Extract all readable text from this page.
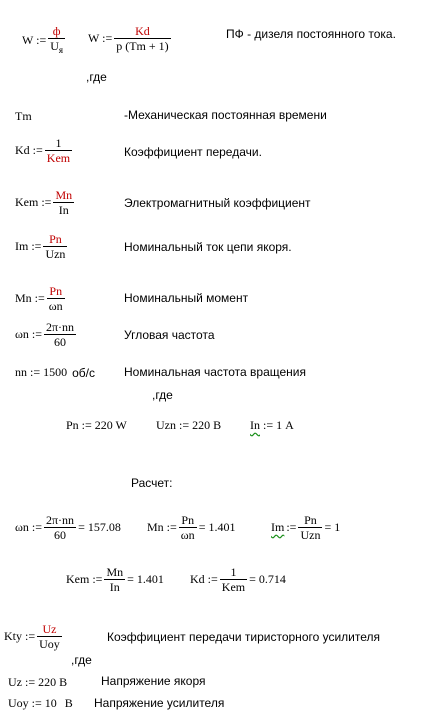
W := $\frac{ф}{U_я}$ W := $\frac{Kd}{p (Tm + 1)}$	ПФ - дизеля постоянного тока.
,где
Tm	-Механическая постоянная времени
Kd := $\frac{1}{\text{Kem}}$	Коэффициент передачи.
Kem := $\frac{Mn}{In}$	Электромагнитный коэффициент
Im := $\frac{Pn}{\text{Uzn}}$	Номинальный ток цепи якоря.
Mn := $\frac{Pn}{\omega n}$	Номинальный момент
ωn := $\frac{2\pi\cdot nn}{60}$	Угловая частота
nn := 1500 об/с Номинальная частота вращения
,где
Pn := 220 W Uzn := 220 В In := 1 А
Расчет:
ωn := $\frac{2\pi\cdot nn}{60} = 157.08$ Mn := $\frac{Pn}{\omega n} = 1.401$	Im := $\frac{Pn}{\text{Uzn}} = 1$
Kem := $\frac{Mn}{In} = 1.401$ Kd := $\frac{1}{\text{Kem}} = 0.714$
Kty := $\frac{Uz}{\text{Uoy}}$	Коэффициент передачи тиристорного усилителя
,где
Uz := 220 В	Напряжение якоря
Uoy := 10 В Напряжение усилителя
